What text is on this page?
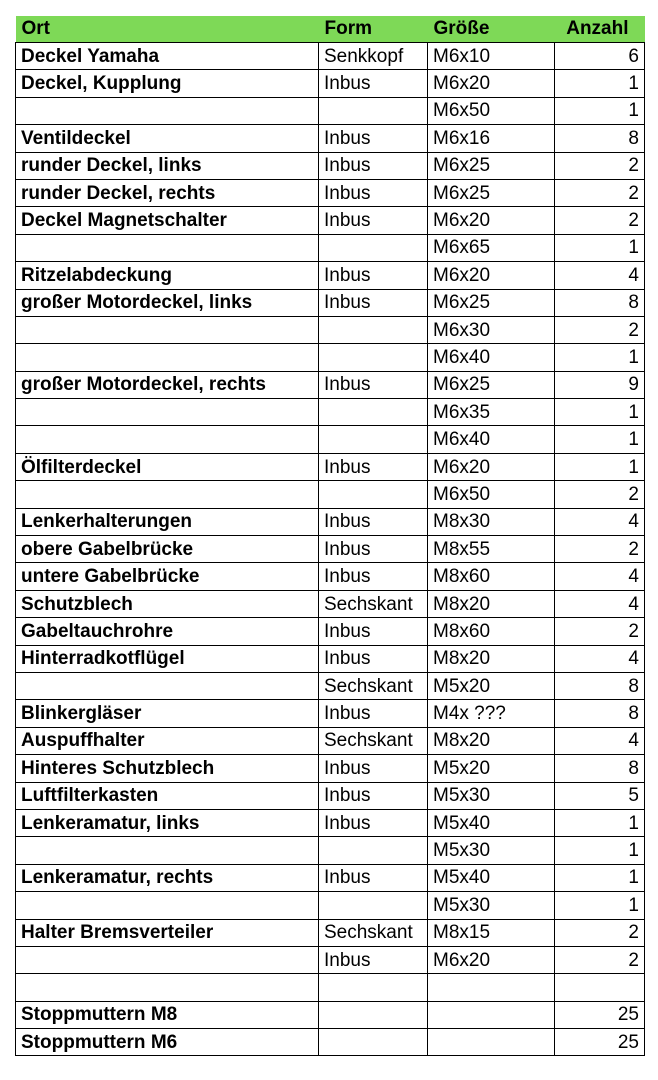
Ort	Form	Größe	Anzahl
Deckel Yamaha	Senkkopf	M6x10	6
Deckel, Kupplung	Inbus	M6x20	1
		M6x50	1
Ventildeckel	Inbus	M6x16	8
runder Deckel, links	Inbus	M6x25	2
runder Deckel, rechts	Inbus	M6x25	2
Deckel Magnetschalter	Inbus	M6x20	2
		M6x65	1
Ritzelabdeckung	Inbus	M6x20	4
großer Motordeckel, links	Inbus	M6x25	8
		M6x30	2
		M6x40	1
großer Motordeckel, rechts	Inbus	M6x25	9
		M6x35	1
		M6x40	1
Ölfilterdeckel	Inbus	M6x20	1
		M6x50	2
Lenkerhalterungen	Inbus	M8x30	4
obere Gabelbrücke	Inbus	M8x55	2
untere Gabelbrücke	Inbus	M8x60	4
Schutzblech	Sechskant	M8x20	4
Gabeltauchrohre	Inbus	M8x60	2
Hinterradkotflügel	Inbus	M8x20	4
	Sechskant	M5x20	8
Blinkergläser	Inbus	M4x ???	8
Auspuffhalter	Sechskant	M8x20	4
Hinteres Schutzblech	Inbus	M5x20	8
Luftfilterkasten	Inbus	M5x30	5
Lenkeramatur, links	Inbus	M5x40	1
		M5x30	1
Lenkeramatur, rechts	Inbus	M5x40	1
		M5x30	1
Halter Bremsverteiler	Sechskant	M8x15	2
	Inbus	M6x20	2

Stoppmuttern M8			25
Stoppmuttern M6			25
